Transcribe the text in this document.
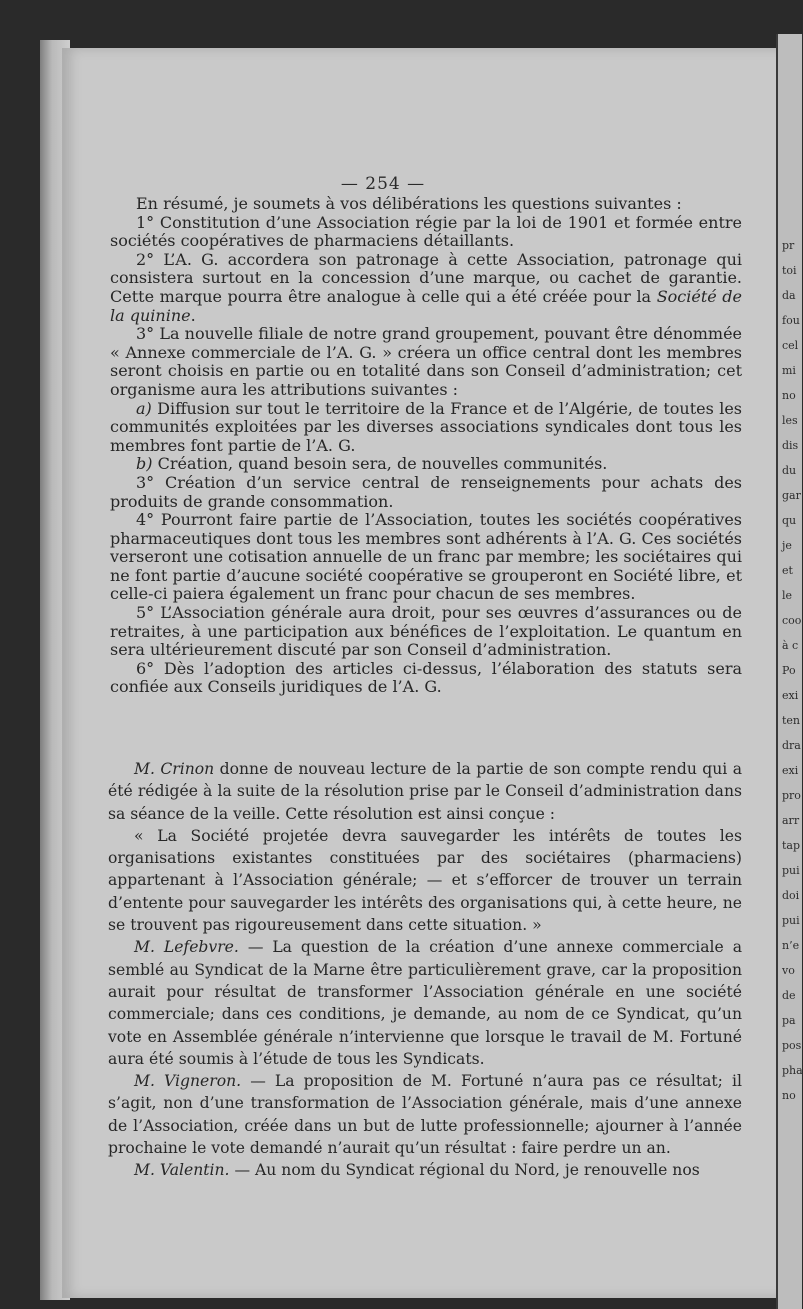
— 254 —

En résumé, je soumets à vos délibérations les questions suivantes :

1° Constitution d’une Association régie par la loi de 1901 et formée entre sociétés coopératives de pharmaciens détaillants.

2° L’A. G. accordera son patronage à cette Association, patronage qui consistera surtout en la concession d’une marque, ou cachet de garantie. Cette marque pourra être analogue à celle qui a été créée pour la Société de la quinine.

3° La nouvelle filiale de notre grand groupement, pouvant être dénommée « Annexe commerciale de l’A. G. » créera un office central dont les membres seront choisis en partie ou en totalité dans son Conseil d’administration; cet organisme aura les attributions suivantes :

a) Diffusion sur tout le territoire de la France et de l’Algérie, de toutes les communités exploitées par les diverses associations syndicales dont tous les membres font partie de l’A. G.

b) Création, quand besoin sera, de nouvelles communités.

3° Création d’un service central de renseignements pour achats des produits de grande consommation.

4° Pourront faire partie de l’Association, toutes les sociétés coopératives pharmaceutiques dont tous les membres sont adhérents à l’A. G. Ces sociétés verseront une cotisation annuelle de un franc par membre; les sociétaires qui ne font partie d’aucune société coopérative se grouperont en Société libre, et celle-ci paiera également un franc pour chacun de ses membres.

5° L’Association générale aura droit, pour ses œuvres d’assurances ou de retraites, à une participation aux bénéfices de l’exploitation. Le quantum en sera ultérieurement discuté par son Conseil d’administration.

6° Dès l’adoption des articles ci-dessus, l’élaboration des statuts sera confiée aux Conseils juridiques de l’A. G.

M. Crinon donne de nouveau lecture de la partie de son compte rendu qui a été rédigée à la suite de la résolution prise par le Conseil d’administration dans sa séance de la veille. Cette résolution est ainsi conçue :

« La Société projetée devra sauvegarder les intérêts de toutes les organisations existantes constituées par des sociétaires (pharmaciens) appartenant à l’Association générale; — et s’efforcer de trouver un terrain d’entente pour sauvegarder les intérêts des organisations qui, à cette heure, ne se trouvent pas rigoureusement dans cette situation. »

M. Lefebvre. — La question de la création d’une annexe commerciale a semblé au Syndicat de la Marne être particulièrement grave, car la proposition aurait pour résultat de transformer l’Association générale en une société commerciale; dans ces conditions, je demande, au nom de ce Syndicat, qu’un vote en Assemblée générale n’intervienne que lorsque le travail de M. Fortuné aura été soumis à l’étude de tous les Syndicats.

M. Vigneron. — La proposition de M. Fortuné n’aura pas ce résultat; il s’agit, non d’une transformation de l’Association générale, mais d’une annexe de l’Association, créée dans un but de lutte professionnelle; ajourner à l’année prochaine le vote demandé n’aurait qu’un résultat : faire perdre un an.

M. Valentin. — Au nom du Syndicat régional du Nord, je renouvelle nos

pr
toi
da
fou
cel
mi
no
les
dis
du
gar
qu
je
et
le
coo
à c
Po
exi
ten
dra
exi
pro
arr
tap
pui
doi
pui
n’e
vo
de
pa
pos
pha
no
